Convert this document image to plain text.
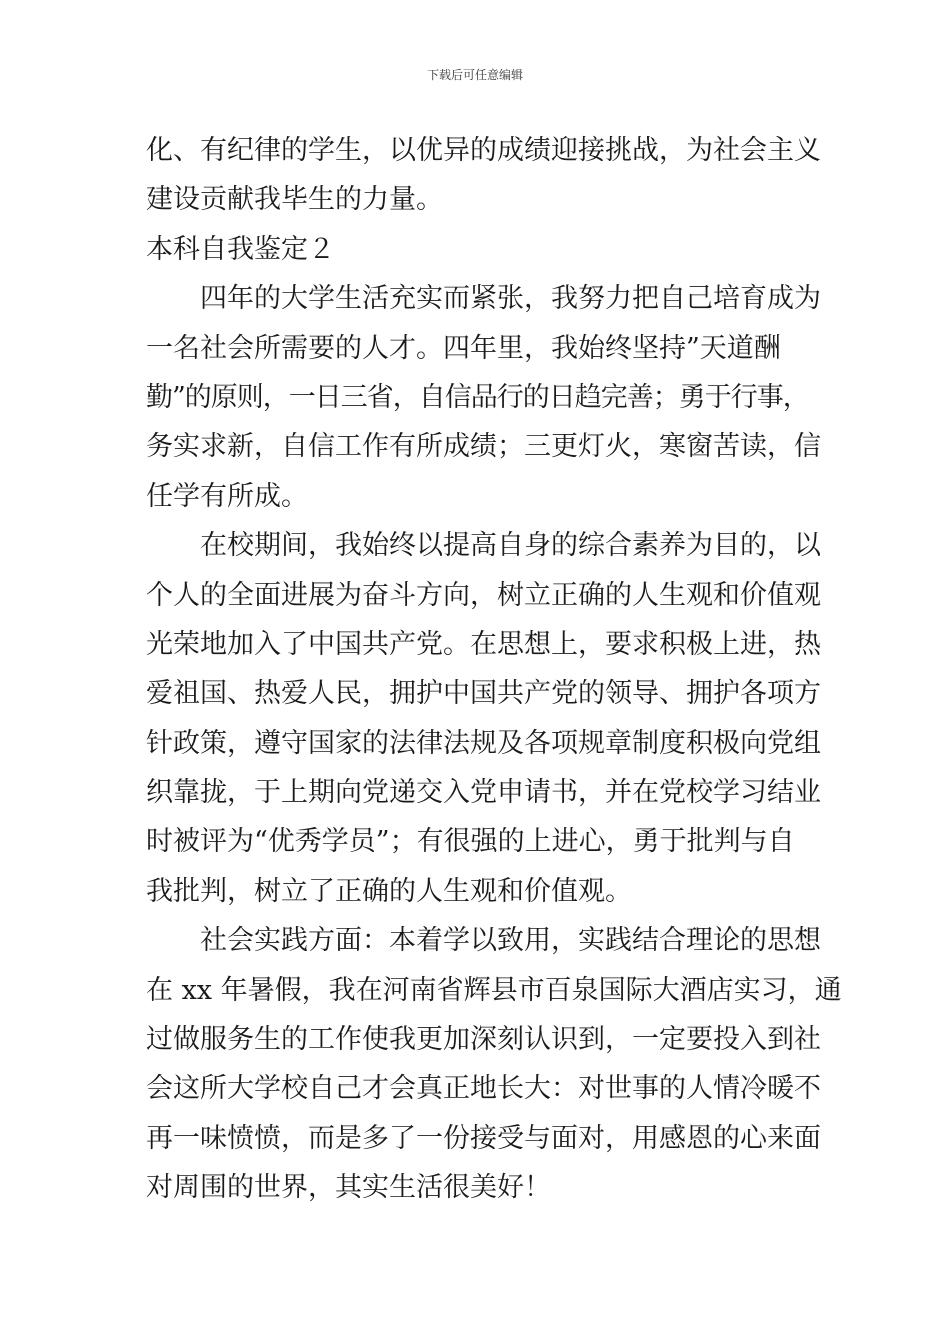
下载后可任意编辑
化、有纪律的学生，以优异的成绩迎接挑战，为社会主义
建设贡献我毕生的力量。
本科自我鉴定２
四年的大学生活充实而紧张，我努力把自己培育成为
一名社会所需要的人才。四年里，我始终坚持”天道酬
勤”的原则，一日三省，自信品行的日趋完善；勇于行事，
务实求新，自信工作有所成绩；三更灯火，寒窗苦读，信
任学有所成。
在校期间，我始终以提高自身的综合素养为目的，以
个人的全面进展为奋斗方向，树立正确的人生观和价值观
光荣地加入了中国共产党。在思想上，要求积极上进，热
爱祖国、热爱人民，拥护中国共产党的领导、拥护各项方
针政策，遵守国家的法律法规及各项规章制度积极向党组
织靠拢，于上期向党递交入党申请书，并在党校学习结业
时被评为“优秀学员”；有很强的上进心，勇于批判与自
我批判，树立了正确的人生观和价值观。
社会实践方面：本着学以致用，实践结合理论的思想
在 xx 年暑假，我在河南省辉县市百泉国际大酒店实习，通
过做服务生的工作使我更加深刻认识到，一定要投入到社
会这所大学校自己才会真正地长大：对世事的人情冷暖不
再一味愤愤，而是多了一份接受与面对，用感恩的心来面
对周围的世界，其实生活很美好！
